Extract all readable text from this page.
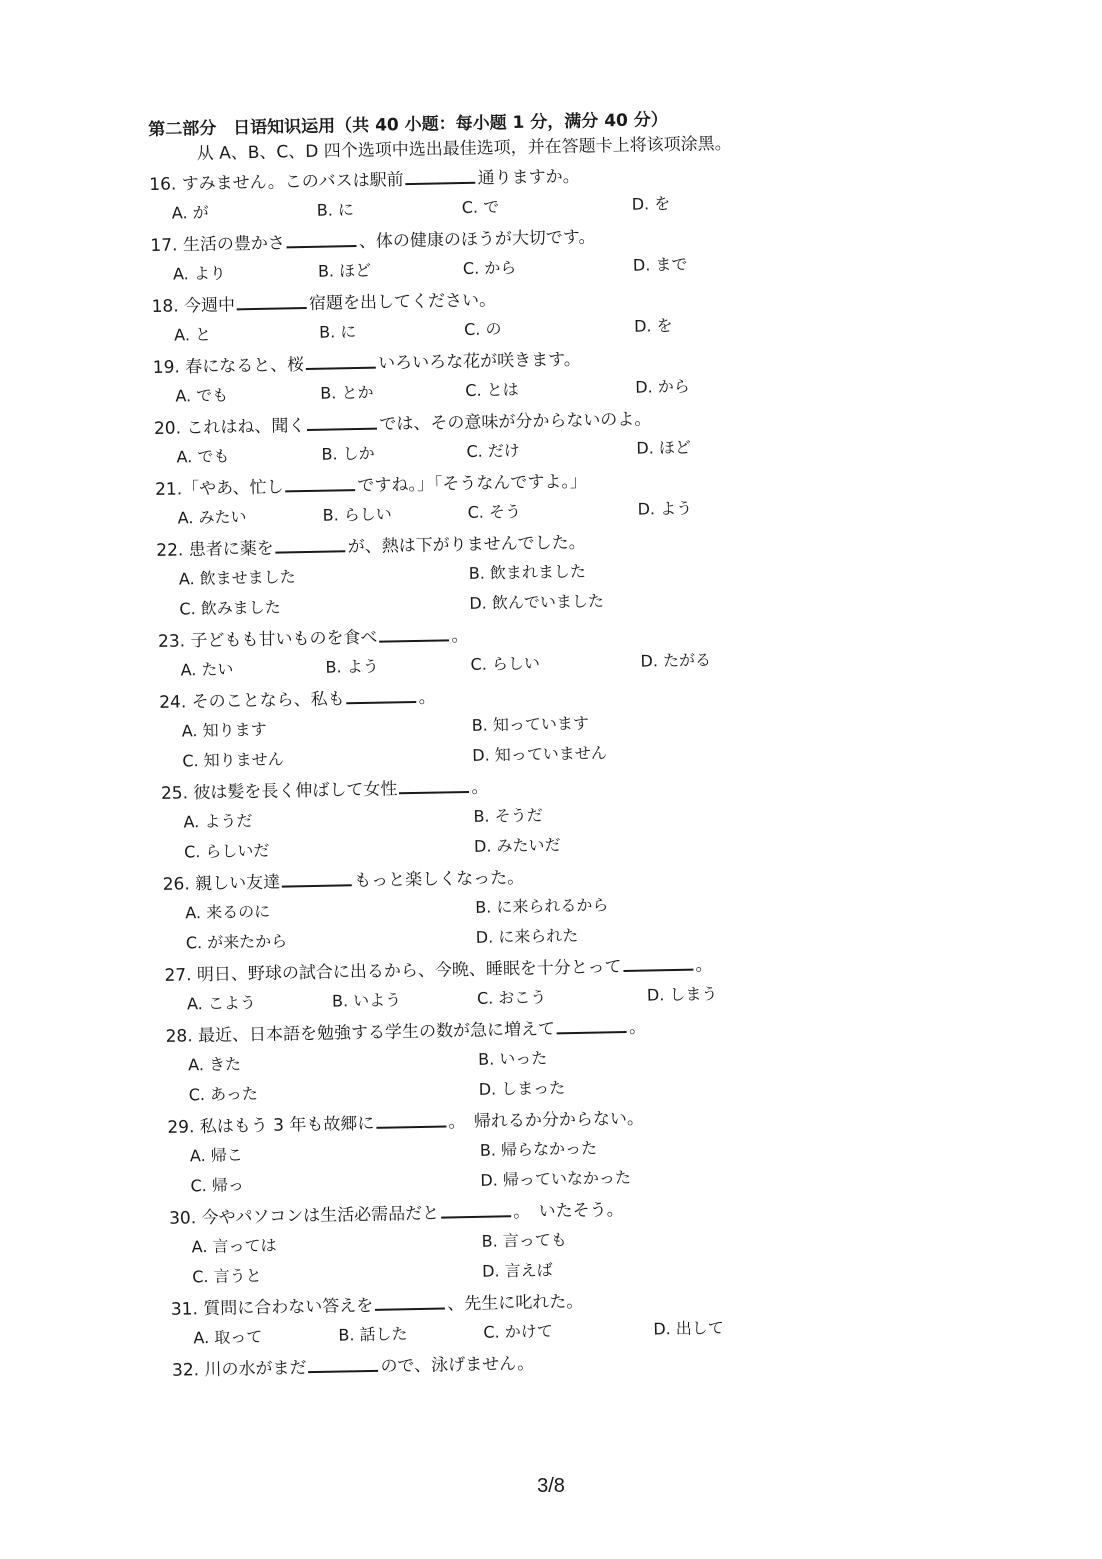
第二部分　日语知识运用（共 40 小题：每小题 1 分，满分 40 分）
从 A、B、C、D 四个选项中选出最佳选项，并在答题卡上将该项涂黑。
16. すみません。このバスは駅前	通りますか。
A. が	B. に	C. で	D. を
17. 生活の豊かさ	、体の健康のほうが大切です。
A. より	B. ほど	C. から	D. まで
18. 今週中	宿題を出してください。
A. と	B. に	C. の	D. を
19. 春になると、桜	いろいろな花が咲きます。
A. でも	B. とか	C. とは	D. から
20. これはね、聞く	では、その意味が分からないのよ。
A. でも	B. しか	C. だけ	D. ほど
21.「やあ、忙し	ですね。」「そうなんですよ。」
A. みたい	B. らしい	C. そう	D. よう
22. 患者に薬を	が、熱は下がりませんでした。
A. 飲ませました	B. 飲まれました
C. 飲みました	D. 飲んでいました
23. 子どもも甘いものを食べ	。
A. たい	B. よう	C. らしい	D. たがる
24. そのことなら、私も	。
A. 知ります	B. 知っています
C. 知りません	D. 知っていません
25. 彼は髪を長く伸ばして女性	。
A. ようだ	B. そうだ
C. らしいだ	D. みたいだ
26. 親しい友達	もっと楽しくなった。
A. 来るのに	B. に来られるから
C. が来たから	D. に来られた
27. 明日、野球の試合に出るから、今晩、睡眠を十分とって	。
A. こよう	B. いよう	C. おこう	D. しまう
28. 最近、日本語を勉強する学生の数が急に増えて	。
A. きた	B. いった
C. あった	D. しまった
29. 私はもう 3 年も故郷に	。　帰れるか分からない。
A. 帰こ	B. 帰らなかった
C. 帰っ	D. 帰っていなかった
30. 今やパソコンは生活必需品だと	。　いたそう。
A. 言っては	B. 言っても
C. 言うと	D. 言えば
31. 質問に合わない答えを	、先生に叱れた。
A. 取って	B. 話した	C. かけて	D. 出して
32. 川の水がまだ	ので、泳げません。
3/8
